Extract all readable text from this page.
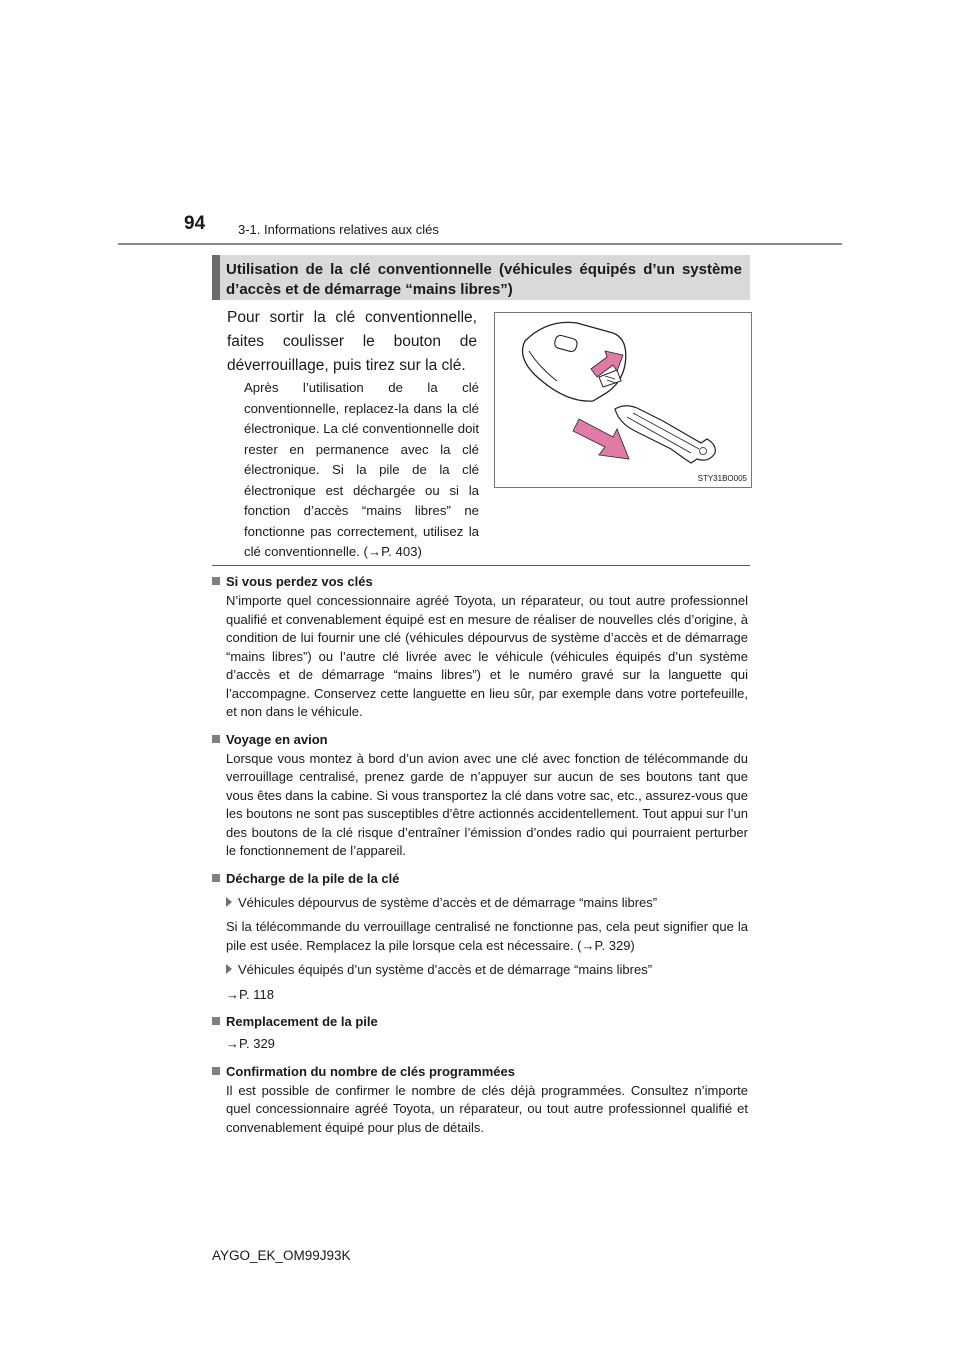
94	3-1. Informations relatives aux clés
Utilisation de la clé conventionnelle (véhicules équipés d’un système d’accès et de démarrage “mains libres”)
Pour sortir la clé conventionnelle, faites coulisser le bouton de déverrouillage, puis tirez sur la clé.
Après l’utilisation de la clé conventionnelle, replacez-la dans la clé électronique. La clé conventionnelle doit rester en permanence avec la clé électronique. Si la pile de la clé électronique est déchargée ou si la fonction d’accès “mains libres” ne fonctionne pas correctement, utilisez la clé conventionnelle. (→P. 403)
STY31BO005
Si vous perdez vos clés
N’importe quel concessionnaire agréé Toyota, un réparateur, ou tout autre professionnel qualifié et convenablement équipé est en mesure de réaliser de nouvelles clés d’origine, à condition de lui fournir une clé (véhicules dépourvus de système d’accès et de démarrage “mains libres”) ou l’autre clé livrée avec le véhicule (véhicules équipés d’un système d’accès et de démarrage “mains libres”) et le numéro gravé sur la languette qui l’accompagne. Conservez cette languette en lieu sûr, par exemple dans votre portefeuille, et non dans le véhicule.
Voyage en avion
Lorsque vous montez à bord d’un avion avec une clé avec fonction de télécommande du verrouillage centralisé, prenez garde de n’appuyer sur aucun de ses boutons tant que vous êtes dans la cabine. Si vous transportez la clé dans votre sac, etc., assurez-vous que les boutons ne sont pas susceptibles d’être actionnés accidentellement. Tout appui sur l’un des boutons de la clé risque d’entraîner l’émission d’ondes radio qui pourraient perturber le fonctionnement de l’appareil.
Décharge de la pile de la clé
Véhicules dépourvus de système d’accès et de démarrage “mains libres”
Si la télécommande du verrouillage centralisé ne fonctionne pas, cela peut signifier que la pile est usée. Remplacez la pile lorsque cela est nécessaire. (→P. 329)
Véhicules équipés d’un système d’accès et de démarrage “mains libres”
→P. 118
Remplacement de la pile
→P. 329
Confirmation du nombre de clés programmées
Il est possible de confirmer le nombre de clés déjà programmées. Consultez n’importe quel concessionnaire agréé Toyota, un réparateur, ou tout autre professionnel qualifié et convenablement équipé pour plus de détails.
AYGO_EK_OM99J93K
